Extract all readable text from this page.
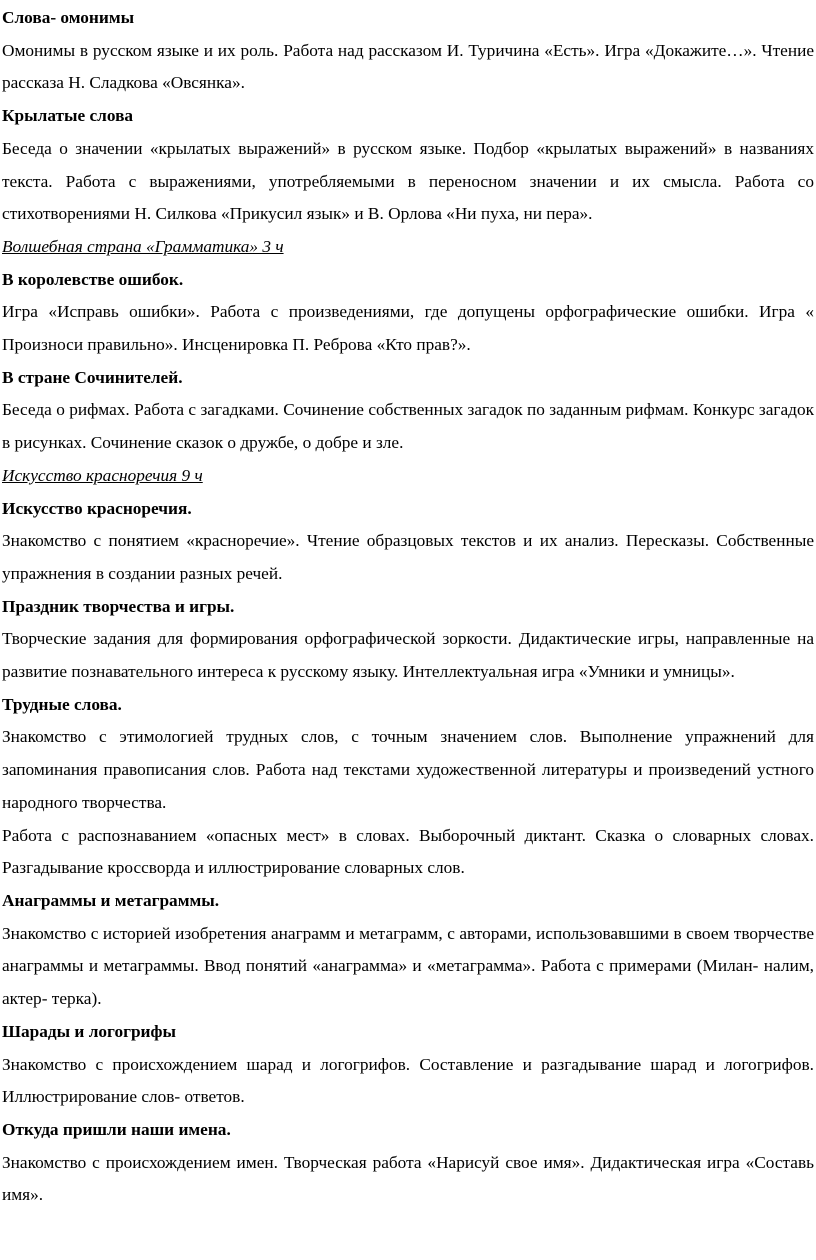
Слова- омонимы

Омонимы в русском языке и их роль. Работа над рассказом И. Туричина «Есть». Игра «Докажите…». Чтение рассказа Н. Сладкова «Овсянка».

Крылатые слова

Беседа о значении «крылатых выражений» в русском языке. Подбор «крылатых выражений» в названиях текста. Работа с выражениями, употребляемыми в переносном значении и их смысла. Работа со стихотворениями Н. Силкова «Прикусил язык» и В. Орлова «Ни пуха, ни пера».

Волшебная страна «Грамматика» 3 ч

В королевстве ошибок.

Игра «Исправь ошибки». Работа с произведениями, где допущены орфографические ошибки. Игра « Произноси правильно». Инсценировка П. Реброва «Кто прав?».

В стране Сочинителей.

Беседа о рифмах. Работа с загадками. Сочинение собственных загадок по заданным рифмам. Конкурс загадок в рисунках. Сочинение сказок о дружбе, о добре и зле.

Искусство красноречия 9 ч

Искусство красноречия.

Знакомство с понятием «красноречие». Чтение образцовых текстов и их анализ. Пересказы. Собственные упражнения в создании разных речей.

Праздник творчества и игры.

Творческие задания для формирования орфографической зоркости. Дидактические игры, направленные на развитие познавательного интереса к русскому языку. Интеллектуальная игра «Умники и умницы».

Трудные слова.

Знакомство с этимологией трудных слов, с точным значением слов. Выполнение упражнений для запоминания правописания слов. Работа над текстами художественной литературы и произведений устного народного творчества.

Работа с распознаванием «опасных мест» в словах. Выборочный диктант. Сказка о словарных словах. Разгадывание кроссворда и иллюстрирование словарных слов.

Анаграммы и метаграммы.

Знакомство с историей изобретения анаграмм и метаграмм, с авторами, использовавшими в своем творчестве анаграммы и метаграммы. Ввод понятий «анаграмма» и «метаграмма». Работа с примерами (Милан- налим, актер- терка).

Шарады и логогрифы

Знакомство с происхождением шарад и логогрифов. Составление и разгадывание шарад и логогрифов. Иллюстрирование слов- ответов.

Откуда пришли наши имена.

Знакомство с происхождением имен. Творческая работа «Нарисуй свое имя». Дидактическая игра «Составь имя».
